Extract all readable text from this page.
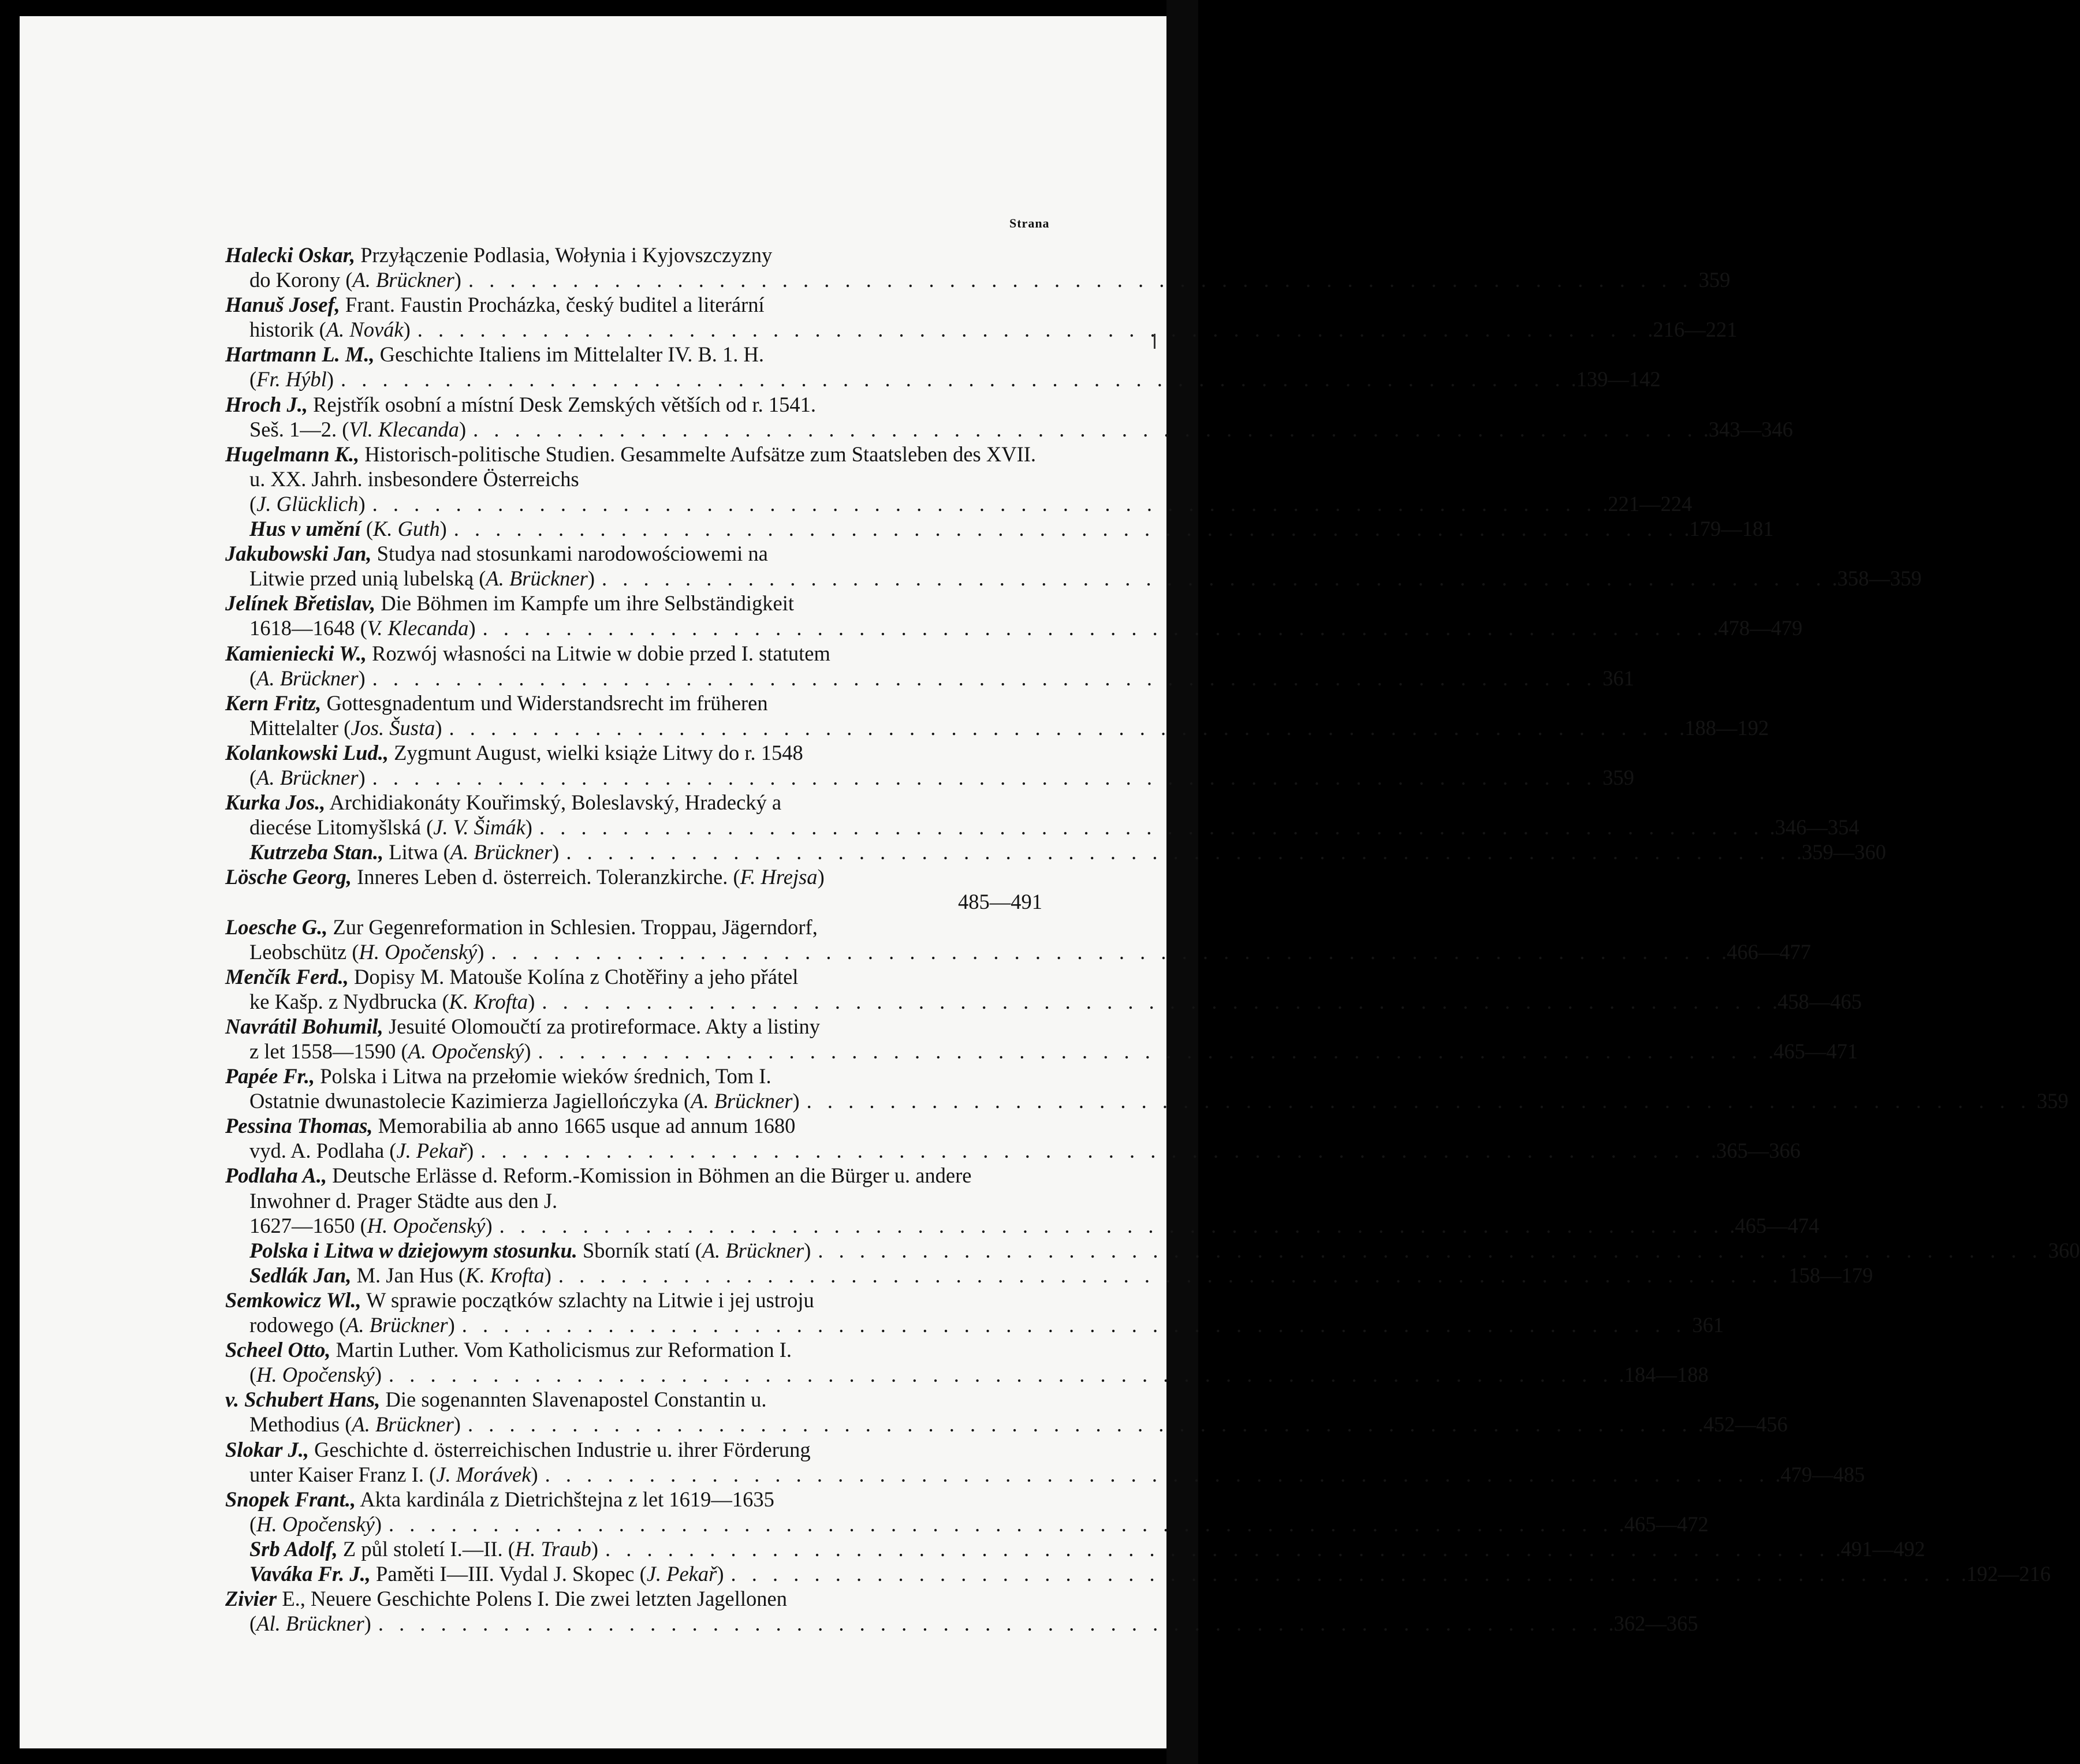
Strana
Halecki Oskar, Przyłączenie Podlasia, Wołynia i Kyjovszczyzny
do Korony (A. Brückner) . . . . . . . . . . . . . . . . . . . . . . . . . . . . . . . . . . . . . . . . . . . . . . . . . . . . . . . . . . . 359
Hanuš Josef, Frant. Faustin Procházka, český buditel a literární
historik (A. Novák) . . . . . . . . . . . . . . . . . . . . . . . . . . . . . . . . . . . . . . . . . . . . . . . . . . . . . . . . . . . .216—221
Hartmann L. M., Geschichte Italiens im Mittelalter IV. B. 1. H.
(Fr. Hýbl) . . . . . . . . . . . . . . . . . . . . . . . . . . . . . . . . . . . . . . . . . . . . . . . . . . . . . . . . . . . .139—142
Hroch J., Rejstřík osobní a místní Desk Zemských větších od r. 1541.
Seš. 1—2. (Vl. Klecanda) . . . . . . . . . . . . . . . . . . . . . . . . . . . . . . . . . . . . . . . . . . . . . . . . . . . . . . . . . . . .343—346
Hugelmann K., Historisch-politische Studien. Gesammelte Aufsätze zum Staatsleben des XVII. u. XX. Jahrh. insbesondere Österreichs
(J. Glücklich) . . . . . . . . . . . . . . . . . . . . . . . . . . . . . . . . . . . . . . . . . . . . . . . . . . . . . . . . . . . .221—224
Hus v umění (K. Guth) . . . . . . . . . . . . . . . . . . . . . . . . . . . . . . . . . . . . . . . . . . . . . . . . . . . . . . . . . . . .179—181
Jakubowski Jan, Studya nad stosunkami narodowościowemi na
Litwie przed unią lubelską (A. Brückner) . . . . . . . . . . . . . . . . . . . . . . . . . . . . . . . . . . . . . . . . . . . . . . . . . . . . . . . . . . . .358—359
Jelínek Břetislav, Die Böhmen im Kampfe um ihre Selbständigkeit
1618—1648 (V. Klecanda) . . . . . . . . . . . . . . . . . . . . . . . . . . . . . . . . . . . . . . . . . . . . . . . . . . . . . . . . . . . .478—479
Kamieniecki W., Rozwój własności na Litwie w dobie przed I. statutem
(A. Brückner) . . . . . . . . . . . . . . . . . . . . . . . . . . . . . . . . . . . . . . . . . . . . . . . . . . . . . . . . . . . 361
Kern Fritz, Gottesgnadentum und Widerstandsrecht im früheren
Mittelalter (Jos. Šusta) . . . . . . . . . . . . . . . . . . . . . . . . . . . . . . . . . . . . . . . . . . . . . . . . . . . . . . . . . . . .188—192
Kolankowski Lud., Zygmunt August, wielki książe Litwy do r. 1548
(A. Brückner) . . . . . . . . . . . . . . . . . . . . . . . . . . . . . . . . . . . . . . . . . . . . . . . . . . . . . . . . . . . 359
Kurka Jos., Archidiakonáty Kouřimský, Boleslavský, Hradecký a
diecése Litomyšlská (J. V. Šimák) . . . . . . . . . . . . . . . . . . . . . . . . . . . . . . . . . . . . . . . . . . . . . . . . . . . . . . . . . . . .346—354
Kutrzeba Stan., Litwa (A. Brückner) . . . . . . . . . . . . . . . . . . . . . . . . . . . . . . . . . . . . . . . . . . . . . . . . . . . . . . . . . . . .359—360
Lösche Georg, Inneres Leben d. österreich. Toleranzkirche. (F. Hrejsa)
485—491
Loesche G., Zur Gegenreformation in Schlesien. Troppau, Jägerndorf,
Leobschütz (H. Opočenský) . . . . . . . . . . . . . . . . . . . . . . . . . . . . . . . . . . . . . . . . . . . . . . . . . . . . . . . . . . . .466—477
Menčík Ferd., Dopisy M. Matouše Kolína z Chotěřiny a jeho přátel
ke Kašp. z Nydbrucka (K. Krofta) . . . . . . . . . . . . . . . . . . . . . . . . . . . . . . . . . . . . . . . . . . . . . . . . . . . . . . . . . . . .458—465
Navrátil Bohumil, Jesuité Olomoučtí za protireformace. Akty a listiny
z let 1558—1590 (A. Opočenský) . . . . . . . . . . . . . . . . . . . . . . . . . . . . . . . . . . . . . . . . . . . . . . . . . . . . . . . . . . . .465—471
Papée Fr., Polska i Litwa na przełomie wieków średnich, Tom I.
Ostatnie dwunastolecie Kazimierza Jagiellończyka (A. Brückner) . . . . . . . . . . . . . . . . . . . . . . . . . . . . . . . . . . . . . . . . . . . . . . . . . . . . . . . . . . . 359
Pessina Thomas, Memorabilia ab anno 1665 usque ad annum 1680
vyd. A. Podlaha (J. Pekař) . . . . . . . . . . . . . . . . . . . . . . . . . . . . . . . . . . . . . . . . . . . . . . . . . . . . . . . . . . . .365—366
Podlaha A., Deutsche Erlässe d. Reform.-Komission in Böhmen an die Bürger u. andere Inwohner d. Prager Städte aus den J.
1627—1650 (H. Opočenský) . . . . . . . . . . . . . . . . . . . . . . . . . . . . . . . . . . . . . . . . . . . . . . . . . . . . . . . . . . . .465—474
Polska i Litwa w dziejowym stosunku. Sborník statí (A. Brückner) . . . . . . . . . . . . . . . . . . . . . . . . . . . . . . . . . . . . . . . . . . . . . . . . . . . . . . . . . . . 360
Sedlák Jan, M. Jan Hus (K. Krofta) . . . . . . . . . . . . . . . . . . . . . . . . . . . . . . . . . . . . . . . . . . . . . . . . . . . . . . . . . . . 158—179
Semkowicz Wl., W sprawie początków szlachty na Litwie i jej ustroju
rodowego (A. Brückner) . . . . . . . . . . . . . . . . . . . . . . . . . . . . . . . . . . . . . . . . . . . . . . . . . . . . . . . . . . . 361
Scheel Otto, Martin Luther. Vom Katholicismus zur Reformation I.
(H. Opočenský) . . . . . . . . . . . . . . . . . . . . . . . . . . . . . . . . . . . . . . . . . . . . . . . . . . . . . . . . . . . .184—188
v. Schubert Hans, Die sogenannten Slavenapostel Constantin u.
Methodius (A. Brückner) . . . . . . . . . . . . . . . . . . . . . . . . . . . . . . . . . . . . . . . . . . . . . . . . . . . . . . . . . . . .452—456
Slokar J., Geschichte d. österreichischen Industrie u. ihrer Förderung
unter Kaiser Franz I. (J. Morávek) . . . . . . . . . . . . . . . . . . . . . . . . . . . . . . . . . . . . . . . . . . . . . . . . . . . . . . . . . . . .479—485
Snopek Frant., Akta kardinála z Dietrichštejna z let 1619—1635
(H. Opočenský) . . . . . . . . . . . . . . . . . . . . . . . . . . . . . . . . . . . . . . . . . . . . . . . . . . . . . . . . . . . .465—472
Srb Adolf, Z půl století I.—II. (H. Traub) . . . . . . . . . . . . . . . . . . . . . . . . . . . . . . . . . . . . . . . . . . . . . . . . . . . . . . . . . . . .491—492
Vaváka Fr. J., Paměti I—III. Vydal J. Skopec (J. Pekař) . . . . . . . . . . . . . . . . . . . . . . . . . . . . . . . . . . . . . . . . . . . . . . . . . . . . . . . . . . . .192—216
Zivier E., Neuere Geschichte Polens I. Die zwei letzten Jagellonen
(Al. Brückner) . . . . . . . . . . . . . . . . . . . . . . . . . . . . . . . . . . . . . . . . . . . . . . . . . . . . . . . . . . . .362—365
